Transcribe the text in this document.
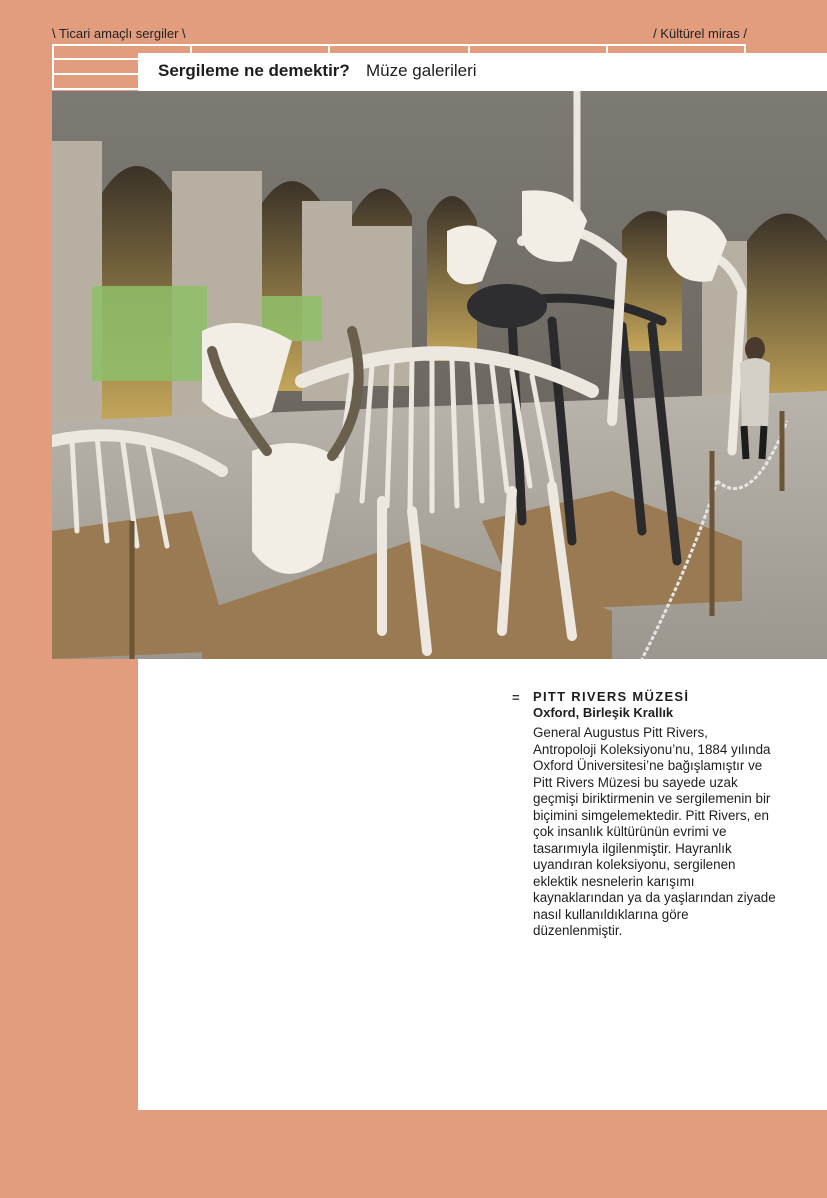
\ Ticari amaçlı sergiler \	/ Kültürel miras /
Sergileme ne demektir? Müze galerileri
= PITT RIVERS MÜZESİ
Oxford, Birleşik Krallık
General Augustus Pitt Rivers,
Antropoloji Koleksiyonu’nu, 1884 yılında
Oxford Üniversitesi’ne bağışlamıştır ve
Pitt Rivers Müzesi bu sayede uzak
geçmişi biriktirmenin ve sergilemenin bir
biçimini simgelemektedir. Pitt Rivers, en
çok insanlık kültürünün evrimi ve
tasarımıyla ilgilenmiştir. Hayranlık
uyandıran koleksiyonu, sergilenen
eklektik nesnelerin karışımı
kaynaklarından ya da yaşlarından ziyade
nasıl kullanıldıklarına göre
düzenlenmiştir.
